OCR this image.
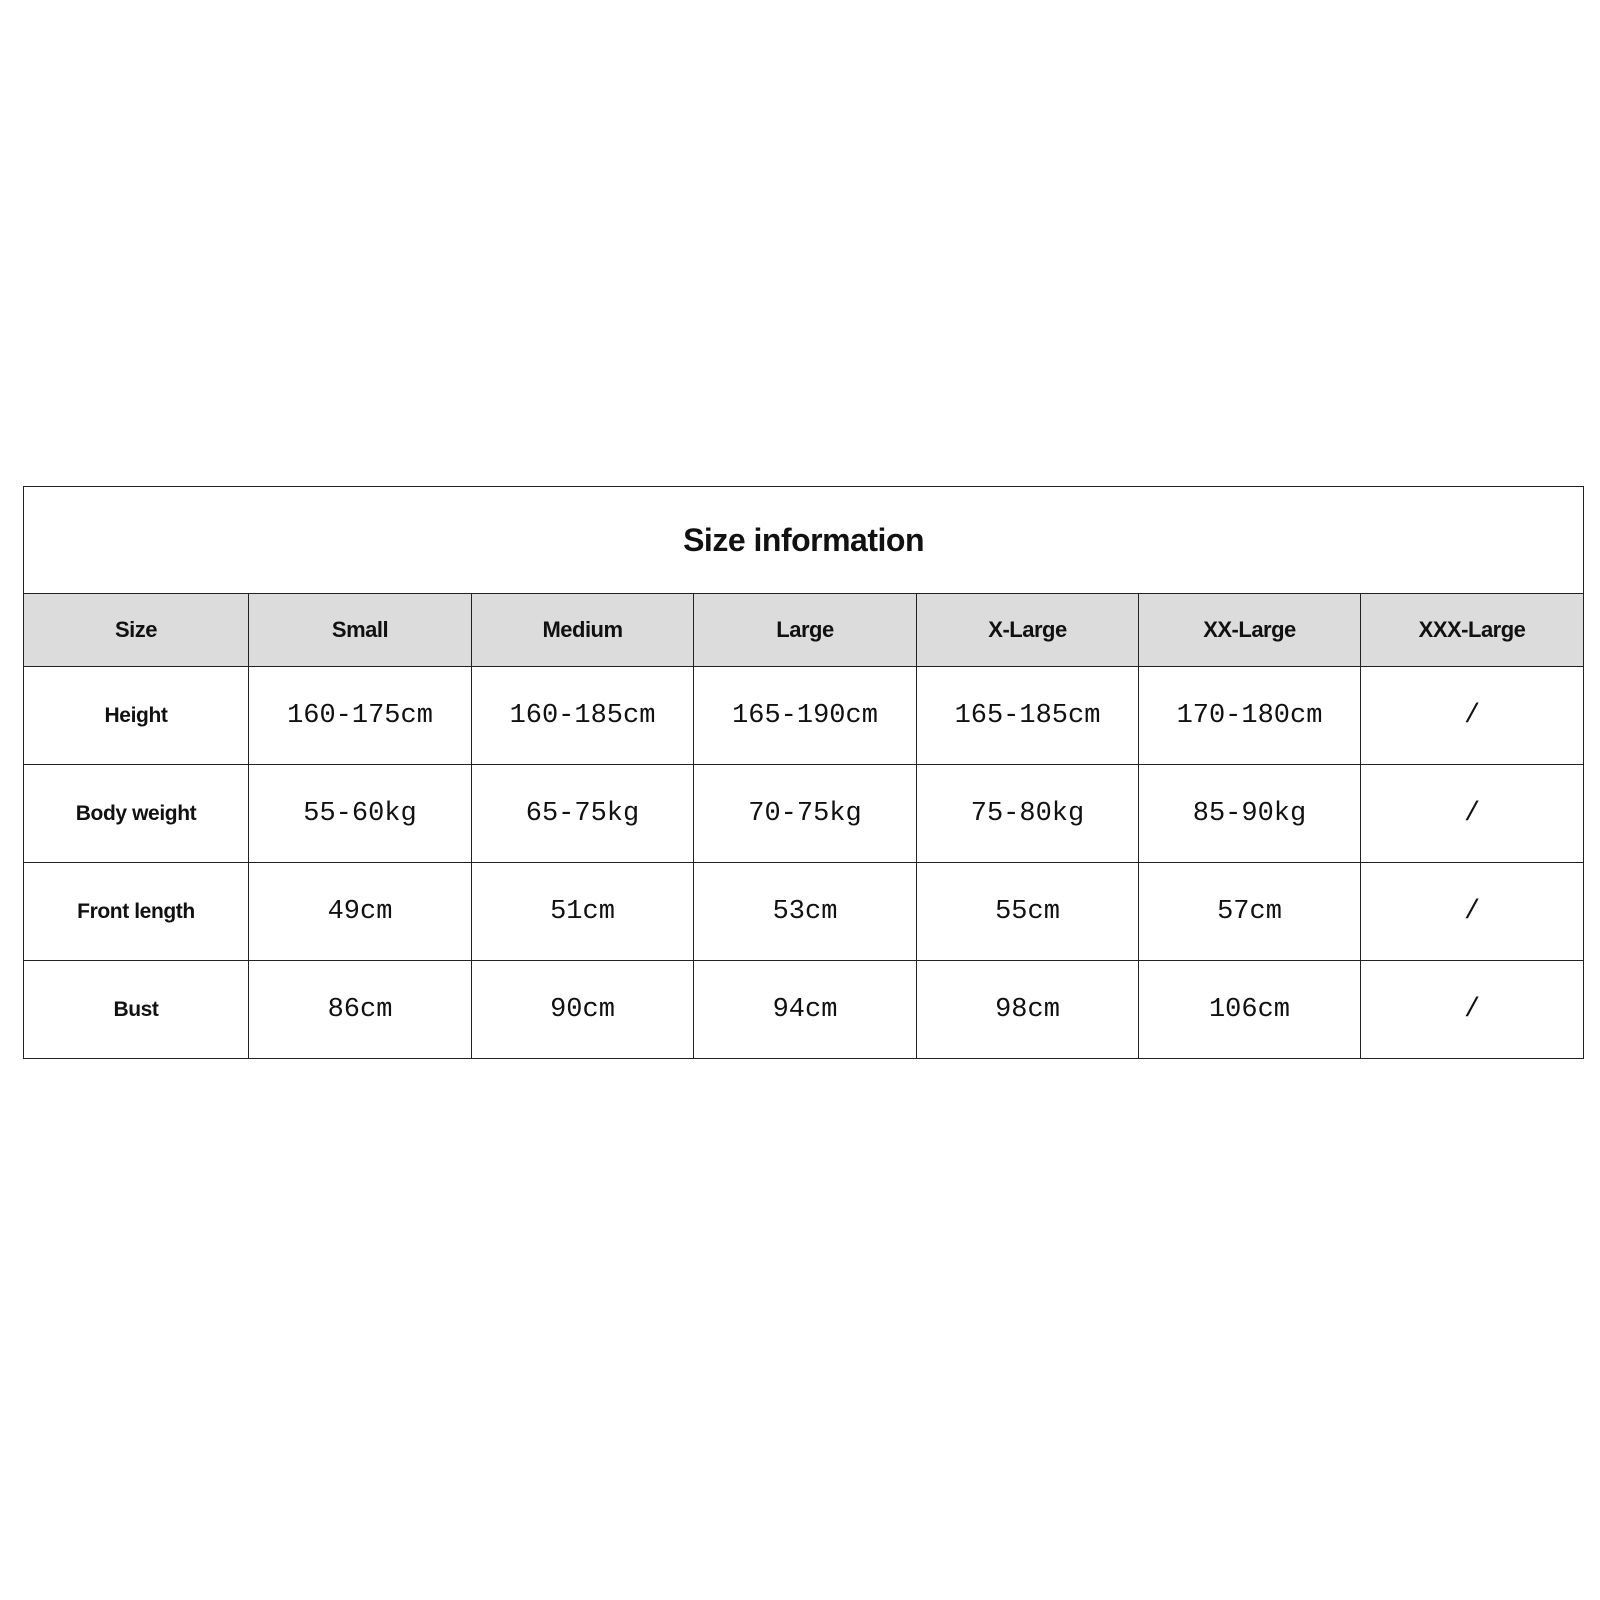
Size information						
Size	Small	Medium	Large	X-Large	XX-Large	XXX-Large
Height	160-175cm	160-185cm	165-190cm	165-185cm	170-180cm	/
Body weight	55-60kg	65-75kg	70-75kg	75-80kg	85-90kg	/
Front length	49cm	51cm	53cm	55cm	57cm	/
Bust	86cm	90cm	94cm	98cm	106cm	/
